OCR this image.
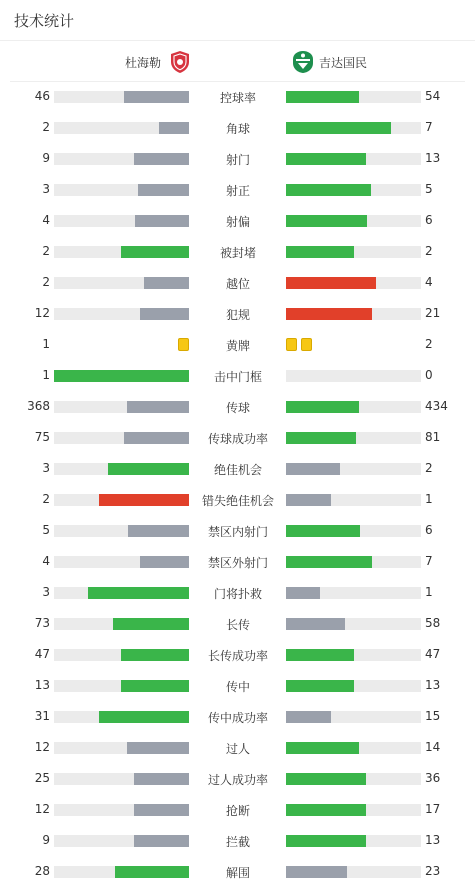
技术统计
杜海勒	吉达国民
46	控球率	54
2	角球	7
9	射门	13
3	射正	5
4	射偏	6
2	被封堵	2
2	越位	4
12	犯规	21
1	黄牌	2
1	击中门框	0
368	传球	434
75	传球成功率	81
3	绝佳机会	2
2	错失绝佳机会	1
5	禁区内射门	6
4	禁区外射门	7
3	门将扑救	1
73	长传	58
47	长传成功率	47
13	传中	13
31	传中成功率	15
12	过人	14
25	过人成功率	36
12	抢断	17
9	拦截	13
28	解围	23
